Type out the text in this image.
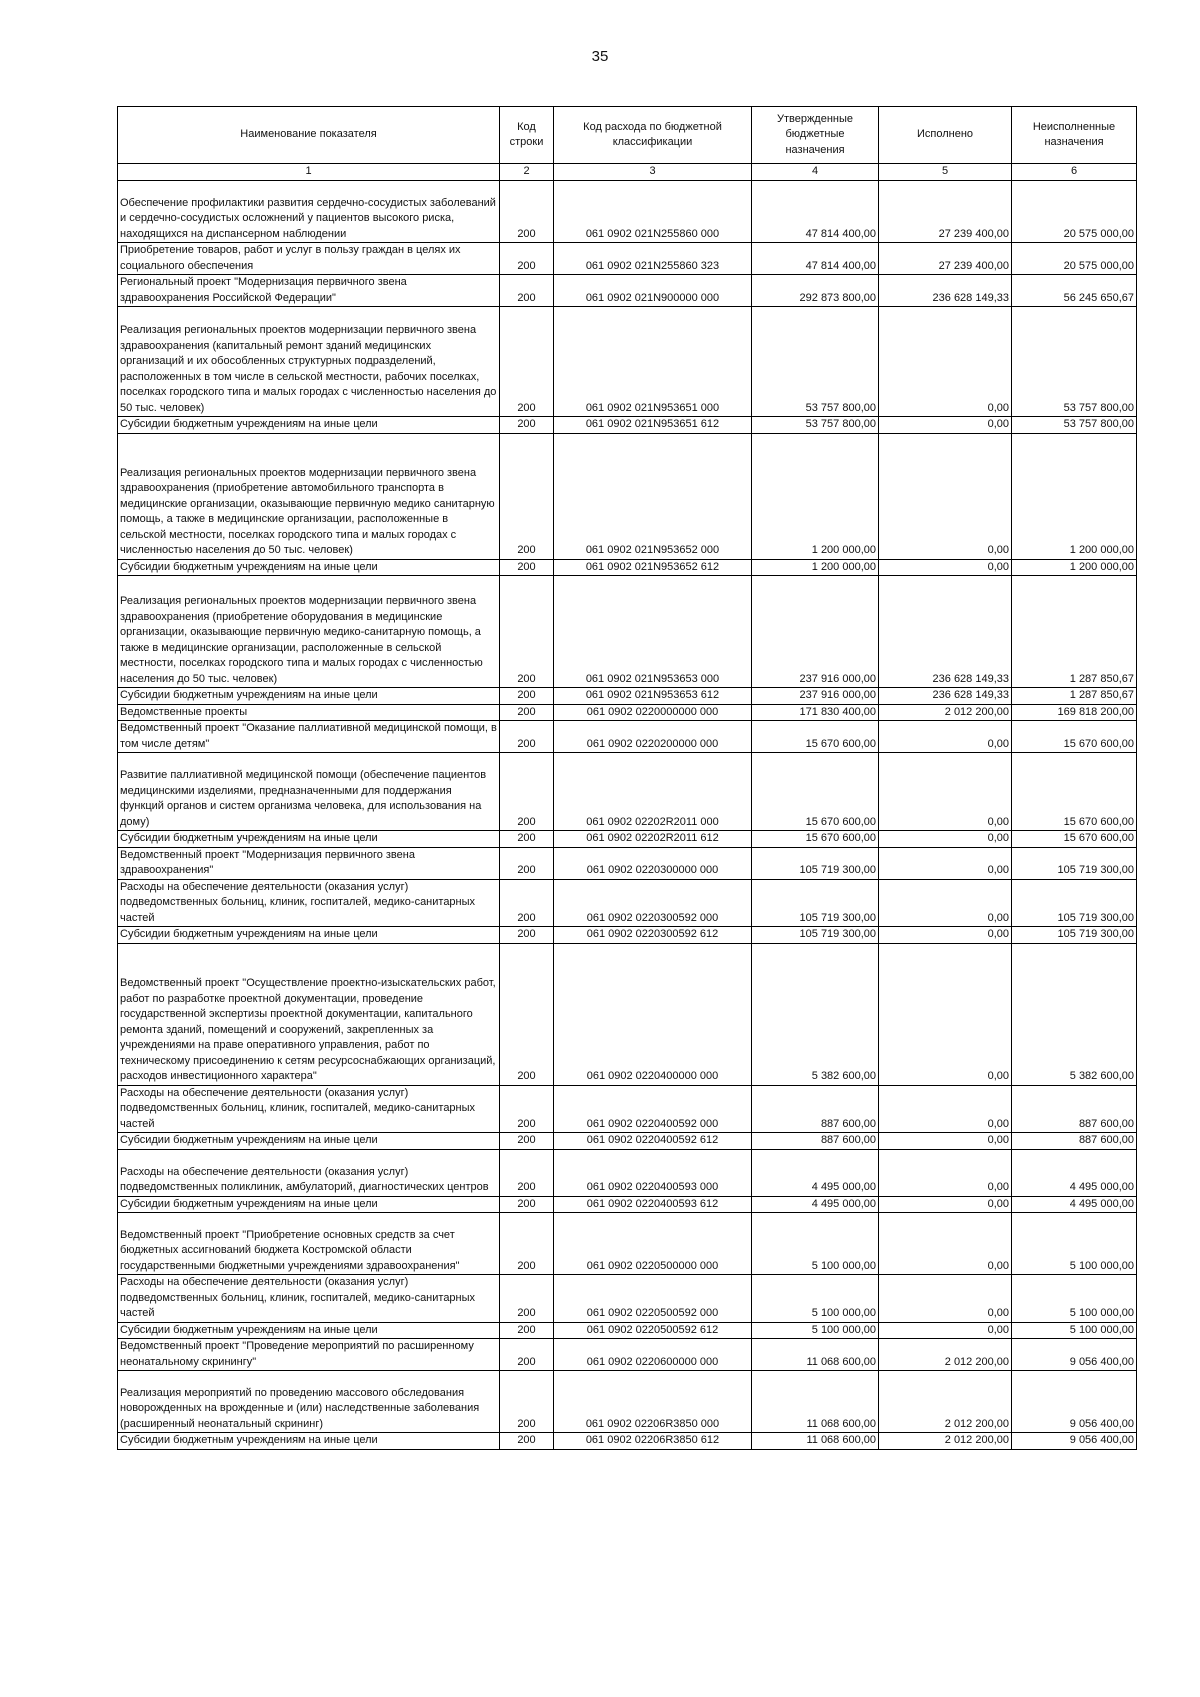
35
Наименование показателя	Код строки	Код расхода по бюджетной классификации	Утвержденные бюджетные назначения	Исполнено	Неисполненные назначения
1	2	3	4	5	6
Обеспечение профилактики развития сердечно-сосудистых заболеваний и сердечно-сосудистых осложнений у пациентов высокого риска, находящихся на диспансерном наблюдении	200	061 0902 021N255860 000	47 814 400,00	27 239 400,00	20 575 000,00
Приобретение товаров, работ и услуг в пользу граждан в целях их социального обеспечения	200	061 0902 021N255860 323	47 814 400,00	27 239 400,00	20 575 000,00
Региональный проект "Модернизация первичного звена здравоохранения Российской Федерации"	200	061 0902 021N900000 000	292 873 800,00	236 628 149,33	56 245 650,67
Реализация региональных проектов модернизации первичного звена здравоохранения (капитальный ремонт зданий медицинских организаций и их обособленных структурных подразделений, расположенных в том числе в сельской местности, рабочих поселках, поселках городского типа и малых городах с численностью населения до 50 тыс. человек)	200	061 0902 021N953651 000	53 757 800,00	0,00	53 757 800,00
Субсидии бюджетным учреждениям на иные цели	200	061 0902 021N953651 612	53 757 800,00	0,00	53 757 800,00
Реализация региональных проектов модернизации первичного звена здравоохранения (приобретение автомобильного транспорта в медицинские организации, оказывающие первичную медико санитарную помощь, а также в медицинские организации, расположенные в сельской местности, поселках городского типа и малых городах с численностью населения до 50 тыс. человек)	200	061 0902 021N953652 000	1 200 000,00	0,00	1 200 000,00
Субсидии бюджетным учреждениям на иные цели	200	061 0902 021N953652 612	1 200 000,00	0,00	1 200 000,00
Реализация региональных проектов модернизации первичного звена здравоохранения (приобретение оборудования в медицинские организации, оказывающие первичную медико-санитарную помощь, а также в медицинские организации, расположенные в сельской местности, поселках городского типа и малых городах с численностью населения до 50 тыс. человек)	200	061 0902 021N953653 000	237 916 000,00	236 628 149,33	1 287 850,67
Субсидии бюджетным учреждениям на иные цели	200	061 0902 021N953653 612	237 916 000,00	236 628 149,33	1 287 850,67
Ведомственные проекты	200	061 0902 0220000000 000	171 830 400,00	2 012 200,00	169 818 200,00
Ведомственный проект "Оказание паллиативной медицинской помощи, в том числе детям"	200	061 0902 0220200000 000	15 670 600,00	0,00	15 670 600,00
Развитие паллиативной медицинской помощи (обеспечение пациентов медицинскими изделиями, предназначенными для поддержания функций органов и систем организма человека, для использования на дому)	200	061 0902 02202R2011 000	15 670 600,00	0,00	15 670 600,00
Субсидии бюджетным учреждениям на иные цели	200	061 0902 02202R2011 612	15 670 600,00	0,00	15 670 600,00
Ведомственный проект "Модернизация первичного звена здравоохранения"	200	061 0902 0220300000 000	105 719 300,00	0,00	105 719 300,00
Расходы на обеспечение деятельности (оказания услуг) подведомственных больниц, клиник, госпиталей, медико-санитарных частей	200	061 0902 0220300592 000	105 719 300,00	0,00	105 719 300,00
Субсидии бюджетным учреждениям на иные цели	200	061 0902 0220300592 612	105 719 300,00	0,00	105 719 300,00
Ведомственный проект "Осуществление проектно-изыскательских работ, работ по разработке проектной документации, проведение государственной экспертизы проектной документации, капитального ремонта зданий, помещений и сооружений, закрепленных за учреждениями на праве оперативного управления, работ по техническому присоединению к сетям ресурсоснабжающих организаций, расходов инвестиционного характера"	200	061 0902 0220400000 000	5 382 600,00	0,00	5 382 600,00
Расходы на обеспечение деятельности (оказания услуг) подведомственных больниц, клиник, госпиталей, медико-санитарных частей	200	061 0902 0220400592 000	887 600,00	0,00	887 600,00
Субсидии бюджетным учреждениям на иные цели	200	061 0902 0220400592 612	887 600,00	0,00	887 600,00
Расходы на обеспечение деятельности (оказания услуг) подведомственных поликлиник, амбулаторий, диагностических центров	200	061 0902 0220400593 000	4 495 000,00	0,00	4 495 000,00
Субсидии бюджетным учреждениям на иные цели	200	061 0902 0220400593 612	4 495 000,00	0,00	4 495 000,00
Ведомственный проект "Приобретение основных средств за счет бюджетных ассигнований бюджета Костромской области государственными бюджетными учреждениями здравоохранения"	200	061 0902 0220500000 000	5 100 000,00	0,00	5 100 000,00
Расходы на обеспечение деятельности (оказания услуг) подведомственных больниц, клиник, госпиталей, медико-санитарных частей	200	061 0902 0220500592 000	5 100 000,00	0,00	5 100 000,00
Субсидии бюджетным учреждениям на иные цели	200	061 0902 0220500592 612	5 100 000,00	0,00	5 100 000,00
Ведомственный проект "Проведение мероприятий по расширенному неонатальному скринингу"	200	061 0902 0220600000 000	11 068 600,00	2 012 200,00	9 056 400,00
Реализация мероприятий по проведению массового обследования новорожденных на врожденные и (или) наследственные заболевания (расширенный неонатальный скрининг)	200	061 0902 02206R3850 000	11 068 600,00	2 012 200,00	9 056 400,00
Субсидии бюджетным учреждениям на иные цели	200	061 0902 02206R3850 612	11 068 600,00	2 012 200,00	9 056 400,00
